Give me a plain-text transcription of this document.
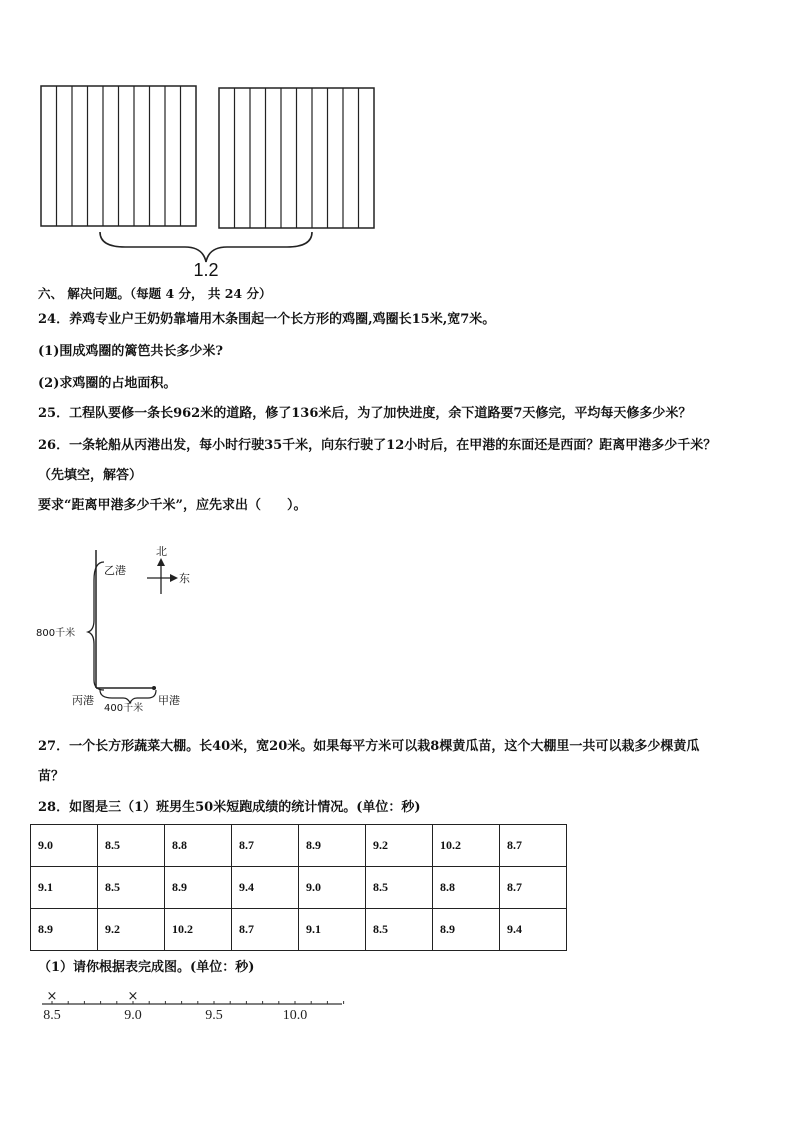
1.2
六、 解决问题。（每题 4 分， 共 24 分）
24．养鸡专业户王奶奶靠墙用木条围起一个长方形的鸡圈,鸡圈长15米,宽7米。
(1)围成鸡圈的篱笆共长多少米?
(2)求鸡圈的占地面积。
25．工程队要修一条长962米的道路，修了136米后，为了加快进度，余下道路要7天修完，平均每天修多少米？
26．一条轮船从丙港出发，每小时行驶35千米，向东行驶了12小时后，在甲港的东面还是西面？距离甲港多少千米？
（先填空，解答）
要求“距离甲港多少千米”，应先求出（　　）。
北
东
乙港
800千米
丙港	甲港
400千米
27．一个长方形蔬菜大棚。长40米，宽20米。如果每平方米可以栽8棵黄瓜苗，这个大棚里一共可以栽多少棵黄瓜
苗？
28．如图是三（1）班男生50米短跑成绩的统计情况。(单位：秒)
9.0	8.5	8.8	8.7	8.9	9.2	10.2	8.7
9.1	8.5	8.9	9.4	9.0	8.5	8.8	8.7
8.9	9.2	10.2	8.7	9.1	8.5	8.9	9.4
（1）请你根据表完成图。(单位：秒)
8.5	9.0	9.5	10.0
×	×
